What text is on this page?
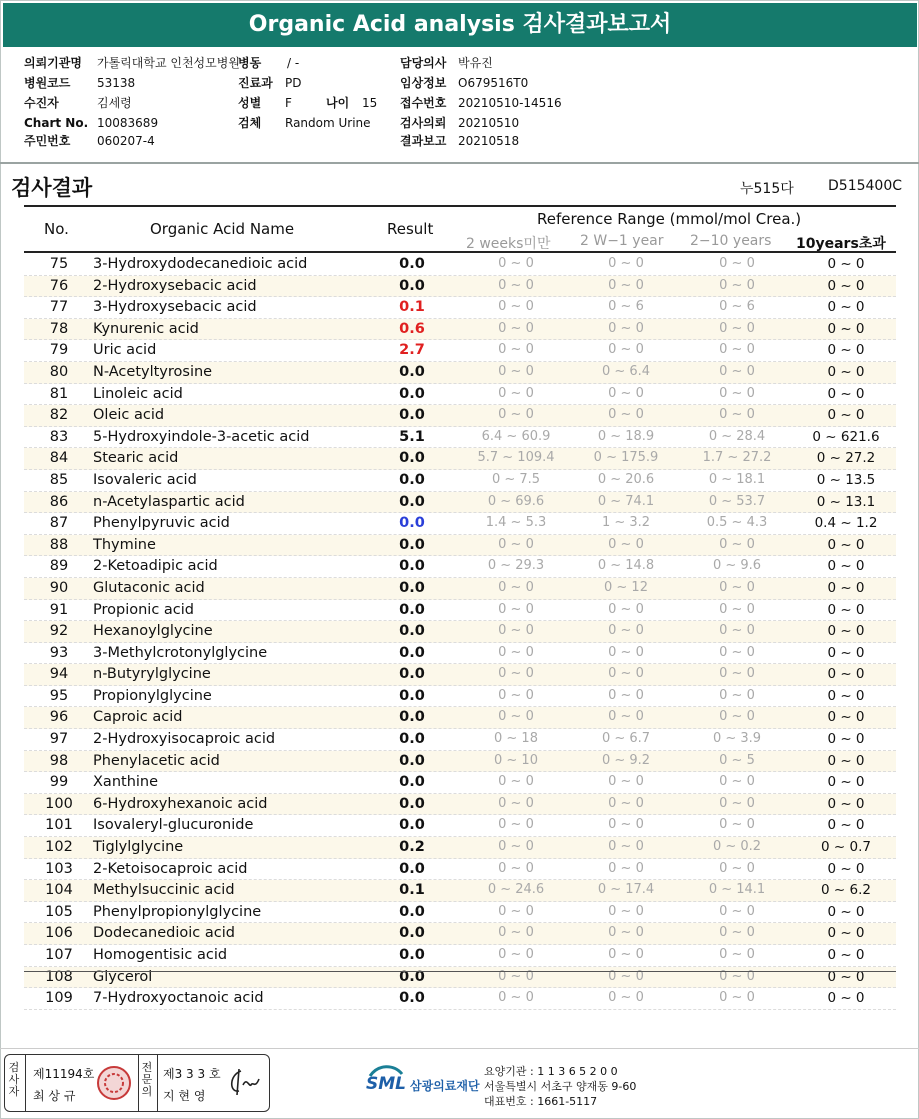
Organic Acid analysis 검사결과보고서
의뢰기관명 가톨릭대학교 인천성모병원
병동 / -	담당의사 박유진
병원코드 53138	진료과 PD	임상정보 O679516T0
수진자	김세령	성별 F	나이 15 접수번호 20210510-14516
Chart No. 10083689	검체 Random Urine 검사의뢰 20210510
주민번호 060207-4	결과보고 20210518
검사결과	누515다 D515400C
No.	Organic Acid Name	Result
Reference Range (mmol/mol Crea.)
2 weeks미만 2 W−1 year 2−10 years 10years초과
75	3-Hydroxydodecanedioic acid	0.0	0 ~ 0	0 ~ 0	0 ~ 0	0 ~ 0
76	2-Hydroxysebacic acid	0.0	0 ~ 0	0 ~ 0	0 ~ 0	0 ~ 0
77	3-Hydroxysebacic acid	0.1	0 ~ 0	0 ~ 6	0 ~ 6	0 ~ 0
78	Kynurenic acid	0.6	0 ~ 0	0 ~ 0	0 ~ 0	0 ~ 0
79	Uric acid	2.7	0 ~ 0	0 ~ 0	0 ~ 0	0 ~ 0
80	N-Acetyltyrosine	0.0	0 ~ 0	0 ~ 6.4	0 ~ 0	0 ~ 0
81	Linoleic acid	0.0	0 ~ 0	0 ~ 0	0 ~ 0	0 ~ 0
82	Oleic acid	0.0	0 ~ 0	0 ~ 0	0 ~ 0	0 ~ 0
83	5-Hydroxyindole-3-acetic acid	5.1	6.4 ~ 60.9	0 ~ 18.9	0 ~ 28.4	0 ~ 621.6
84	Stearic acid	0.0	5.7 ~ 109.4	0 ~ 175.9	1.7 ~ 27.2	0 ~ 27.2
85	Isovaleric acid	0.0	0 ~ 7.5	0 ~ 20.6	0 ~ 18.1	0 ~ 13.5
86	n-Acetylaspartic acid	0.0	0 ~ 69.6	0 ~ 74.1	0 ~ 53.7	0 ~ 13.1
87	Phenylpyruvic acid	0.0	1.4 ~ 5.3	1 ~ 3.2	0.5 ~ 4.3	0.4 ~ 1.2
88	Thymine	0.0	0 ~ 0	0 ~ 0	0 ~ 0	0 ~ 0
89	2-Ketoadipic acid	0.0	0 ~ 29.3	0 ~ 14.8	0 ~ 9.6	0 ~ 0
90	Glutaconic acid	0.0	0 ~ 0	0 ~ 12	0 ~ 0	0 ~ 0
91	Propionic acid	0.0	0 ~ 0	0 ~ 0	0 ~ 0	0 ~ 0
92	Hexanoylglycine	0.0	0 ~ 0	0 ~ 0	0 ~ 0	0 ~ 0
93	3-Methylcrotonylglycine	0.0	0 ~ 0	0 ~ 0	0 ~ 0	0 ~ 0
94	n-Butyrylglycine	0.0	0 ~ 0	0 ~ 0	0 ~ 0	0 ~ 0
95	Propionylglycine	0.0	0 ~ 0	0 ~ 0	0 ~ 0	0 ~ 0
96	Caproic acid	0.0	0 ~ 0	0 ~ 0	0 ~ 0	0 ~ 0
97	2-Hydroxyisocaproic acid	0.0	0 ~ 18	0 ~ 6.7	0 ~ 3.9	0 ~ 0
98	Phenylacetic acid	0.0	0 ~ 10	0 ~ 9.2	0 ~ 5	0 ~ 0
99	Xanthine	0.0	0 ~ 0	0 ~ 0	0 ~ 0	0 ~ 0
100	6-Hydroxyhexanoic acid	0.0	0 ~ 0	0 ~ 0	0 ~ 0	0 ~ 0
101	Isovaleryl-glucuronide	0.0	0 ~ 0	0 ~ 0	0 ~ 0	0 ~ 0
102	Tiglylglycine	0.2	0 ~ 0	0 ~ 0	0 ~ 0.2	0 ~ 0.7
103	2-Ketoisocaproic acid	0.0	0 ~ 0	0 ~ 0	0 ~ 0	0 ~ 0
104	Methylsuccinic acid	0.1	0 ~ 24.6	0 ~ 17.4	0 ~ 14.1	0 ~ 6.2
105	Phenylpropionylglycine	0.0	0 ~ 0	0 ~ 0	0 ~ 0	0 ~ 0
106	Dodecanedioic acid	0.0	0 ~ 0	0 ~ 0	0 ~ 0	0 ~ 0
107	Homogentisic acid	0.0	0 ~ 0	0 ~ 0	0 ~ 0	0 ~ 0
108	Glycerol	0.0	0 ~ 0	0 ~ 0	0 ~ 0	0 ~ 0
109	7-Hydroxyoctanoic acid	0.0	0 ~ 0	0 ~ 0	0 ~ 0	0 ~ 0
검사자
제11194호
최 상 규
전문의
제3 3 3 호
지 현 영
SML 삼광의료재단
요양기관 : 1 1 3 6 5 2 0 0
서울특별시 서초구 양재동 9-60
대표번호 : 1661-5117
